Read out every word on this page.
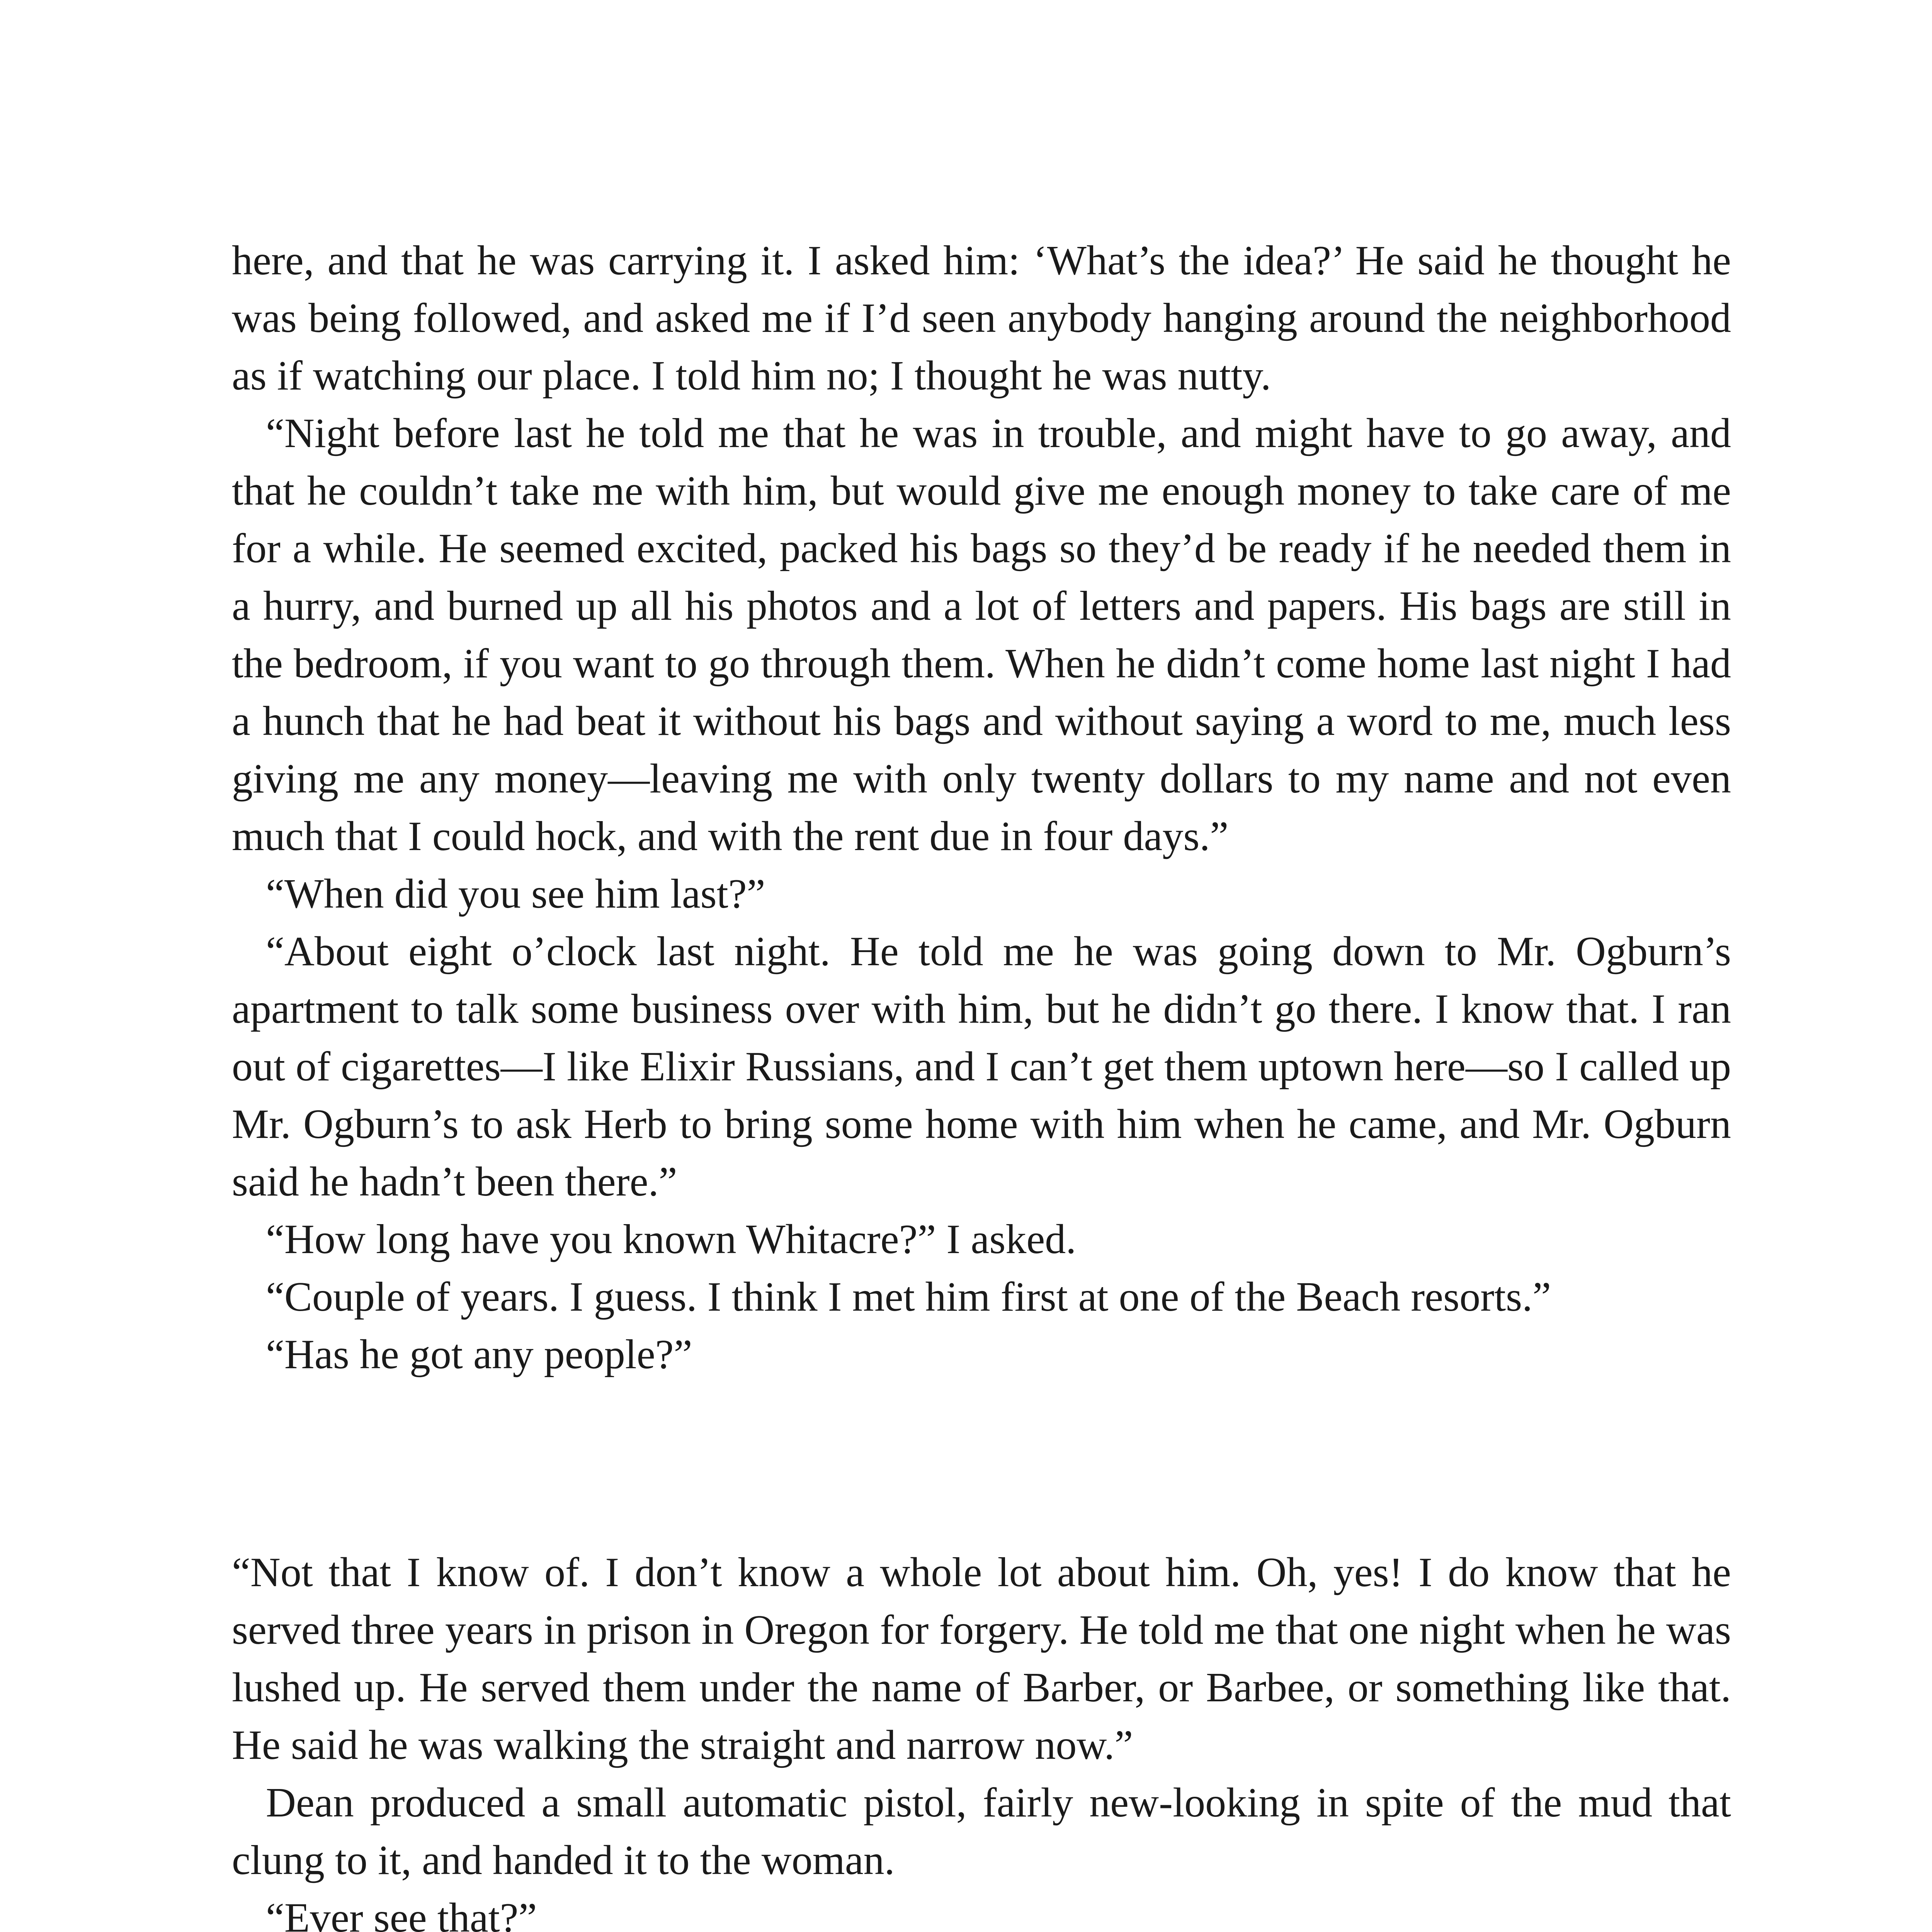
here, and that he was carrying it. I asked him: ‘What’s the idea?’ He said he thought he was being followed, and asked me if I’d seen anybody hanging around the neighborhood as if watching our place. I told him no; I thought he was nutty.

“Night before last he told me that he was in trouble, and might have to go away, and that he couldn’t take me with him, but would give me enough money to take care of me for a while. He seemed excited, packed his bags so they’d be ready if he needed them in a hurry, and burned up all his photos and a lot of letters and papers. His bags are still in the bedroom, if you want to go through them. When he didn’t come home last night I had a hunch that he had beat it without his bags and without saying a word to me, much less giving me any money—leaving me with only twenty dollars to my name and not even much that I could hock, and with the rent due in four days.”

“When did you see him last?”

“About eight o’clock last night. He told me he was going down to Mr. Ogburn’s apartment to talk some business over with him, but he didn’t go there. I know that. I ran out of cigarettes—I like Elixir Russians, and I can’t get them uptown here—so I called up Mr. Ogburn’s to ask Herb to bring some home with him when he came, and Mr. Ogburn said he hadn’t been there.”

“How long have you known Whitacre?” I asked.

“Couple of years. I guess. I think I met him first at one of the Beach resorts.”

“Has he got any people?”

“Not that I know of. I don’t know a whole lot about him. Oh, yes! I do know that he served three years in prison in Oregon for forgery. He told me that one night when he was lushed up. He served them under the name of Barber, or Barbee, or something like that. He said he was walking the straight and narrow now.”

Dean produced a small automatic pistol, fairly new-looking in spite of the mud that clung to it, and handed it to the woman.

“Ever see that?”
